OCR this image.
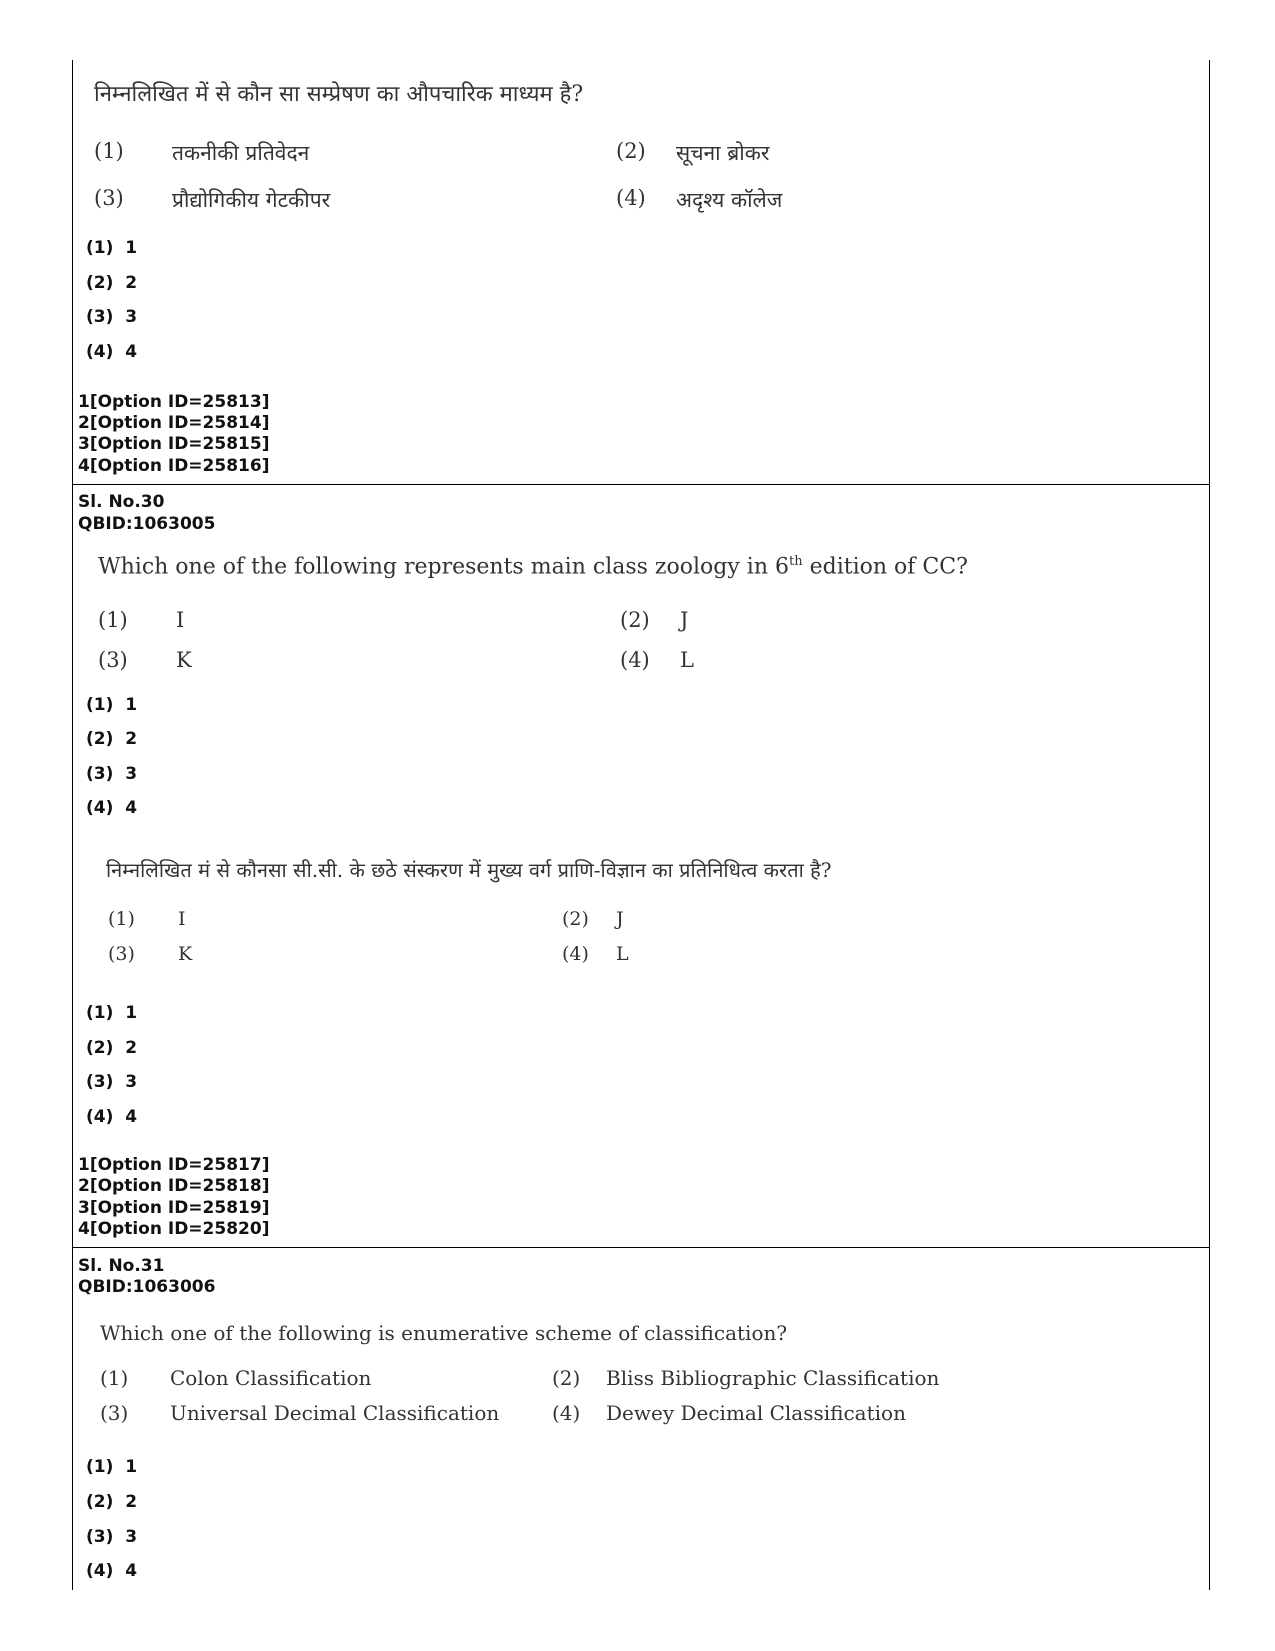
निम्नलिखित में से कौन सा सम्प्रेषण का औपचारिक माध्यम है?
(1) तकनीकी प्रतिवेदन	(2) सूचना ब्रोकर
(3) प्रौद्योगिकीय गेटकीपर	(4) अदृश्य कॉलेज
(1)  1
(2)  2
(3)  3
(4)  4
1[Option ID=25813]
2[Option ID=25814]
3[Option ID=25815]
4[Option ID=25816]
Sl. No.30
QBID:1063005
Which one of the following represents main class zoology in 6th edition of CC?
(1) I	(2) J
(3) K	(4) L
(1)  1
(2)  2
(3)  3
(4)  4
निम्नलिखित मं से कौनसा सी.सी. के छठे संस्करण में मुख्य वर्ग प्राणि-विज्ञान का प्रतिनिधित्व करता है?
(1) I	(2) J
(3) K	(4) L
(1)  1
(2)  2
(3)  3
(4)  4
1[Option ID=25817]
2[Option ID=25818]
3[Option ID=25819]
4[Option ID=25820]
Sl. No.31
QBID:1063006
Which one of the following is enumerative scheme of classification?
(1) Colon Classification	(2) Bliss Bibliographic Classification
(3) Universal Decimal Classification	(4) Dewey Decimal Classification
(1)  1
(2)  2
(3)  3
(4)  4
